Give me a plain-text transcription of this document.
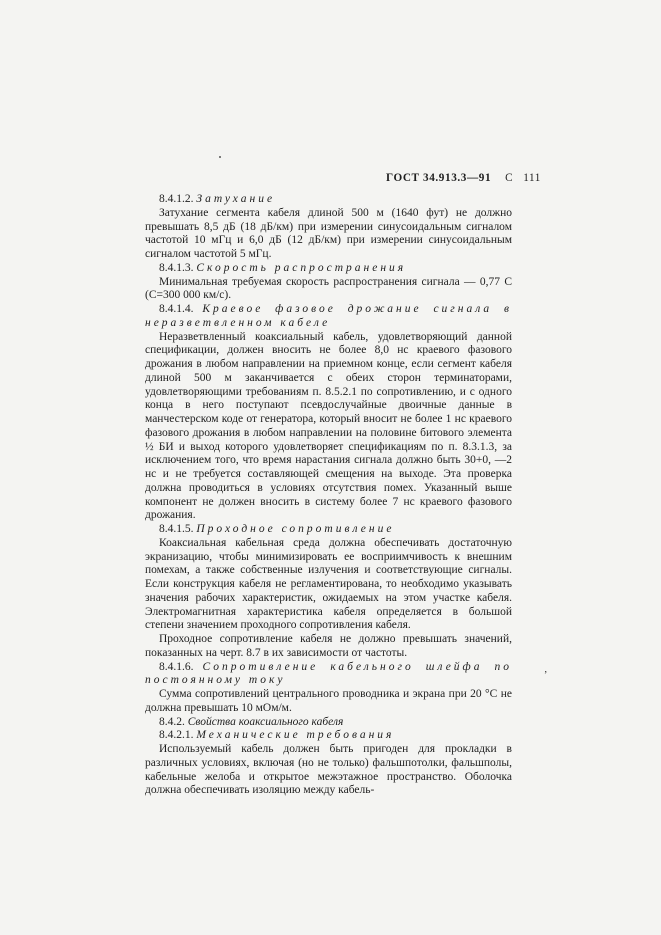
ГОСТ 34.913.3—91 С 111

8.4.1.2. Затухание

Затухание сегмента кабеля длиной 500 м (1640 фут) не должно превышать 8,5 дБ (18 дБ/км) при измерении синусоидальным сигналом частотой 10 мГц и 6,0 дБ (12 дБ/км) при измерении синусоидальным сигналом частотой 5 мГц.

8.4.1.3. Скорость распространения

Минимальная требуемая скорость распространения сигнала — 0,77 С (С=300 000 км/с).

8.4.1.4. Краевое фазовое дрожание сигнала в неразветвленном кабеле

Неразветвленный коаксиальный кабель, удовлетворяющий данной спецификации, должен вносить не более 8,0 нс краевого фазового дрожания в любом направлении на приемном конце, если сегмент кабеля длиной 500 м заканчивается с обеих сторон терминаторами, удовлетворяющими требованиям п. 8.5.2.1 по сопротивлению, и с одного конца в него поступают псевдослучайные двоичные данные в манчестерском коде от генератора, который вносит не более 1 нс краевого фазового дрожания в любом направлении на половине битового элемента ½ БИ и выход которого удовлетворяет спецификациям по п. 8.3.1.3, за исключением того, что время нарастания сигнала должно быть 30+0, —2 нс и не требуется составляющей смещения на выходе. Эта проверка должна проводиться в условиях отсутствия помех. Указанный выше компонент не должен вносить в систему более 7 нс краевого фазового дрожания.

8.4.1.5. Проходное сопротивление

Коаксиальная кабельная среда должна обеспечивать достаточную экранизацию, чтобы минимизировать ее восприимчивость к внешним помехам, а также собственные излучения и соответствующие сигналы. Если конструкция кабеля не регламентирована, то необходимо указывать значения рабочих характеристик, ожидаемых на этом участке кабеля. Электромагнитная характеристика кабеля определяется в большой степени значением проходного сопротивления кабеля.

Проходное сопротивление кабеля не должно превышать значений, показанных на черт. 8.7 в их зависимости от частоты.

8.4.1.6. Сопротивление кабельного шлейфа по постоянному току

Сумма сопротивлений центрального проводника и экрана при 20 °С не должна превышать 10 мОм/м.

8.4.2. Свойства коаксиального кабеля

8.4.2.1. Механические требования

Используемый кабель должен быть пригоден для прокладки в различных условиях, включая (но не только) фальшпотолки, фальшполы, кабельные желоба и открытое межэтажное пространство. Оболочка должна обеспечивать изоляцию между кабель-

’
